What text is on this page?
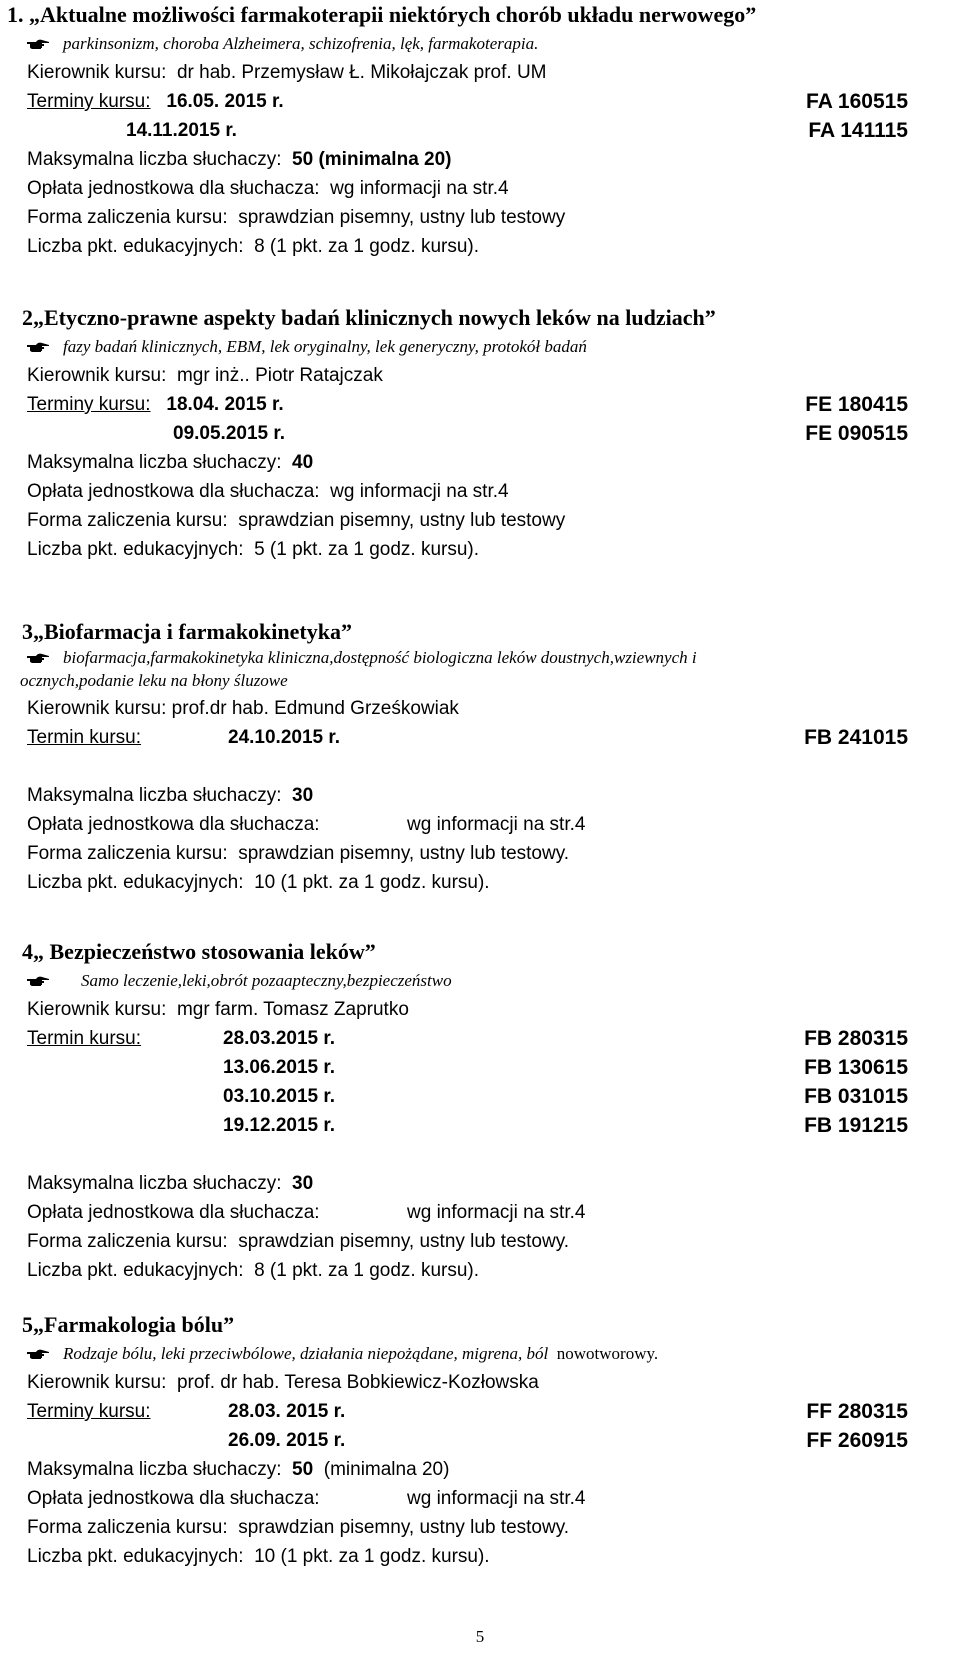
1. „Aktualne możliwości farmakoterapii niektórych chorób układu nerwowego”
parkinsonizm, choroba Alzheimera, schizofrenia, lęk, farmakoterapia.
Kierownik kursu: dr hab. Przemysław Ł. Mikołajczak prof. UM
Terminy kursu: 16.05. 2015 r.	FA 160515
14.11.2015 r.	FA 141115
Maksymalna liczba słuchaczy: 50 (minimalna 20)
Opłata jednostkowa dla słuchacza: wg informacji na str.4
Forma zaliczenia kursu: sprawdzian pisemny, ustny lub testowy
Liczba pkt. edukacyjnych: 8 (1 pkt. za 1 godz. kursu).
2„Etyczno-prawne aspekty badań klinicznych nowych leków na ludziach”
fazy badań klinicznych, EBM, lek oryginalny, lek generyczny, protokół badań
Kierownik kursu: mgr inż.. Piotr Ratajczak
Terminy kursu: 18.04. 2015 r.	FE 180415
09.05.2015 r.	FE 090515
Maksymalna liczba słuchaczy: 40
Opłata jednostkowa dla słuchacza: wg informacji na str.4
Forma zaliczenia kursu: sprawdzian pisemny, ustny lub testowy
Liczba pkt. edukacyjnych: 5 (1 pkt. za 1 godz. kursu).
3„Biofarmacja i farmakokinetyka”
biofarmacja,farmakokinetyka kliniczna,dostępność biologiczna leków doustnych,wziewnych i
ocznych,podanie leku na błony śluzowe
Kierownik kursu: prof.dr hab. Edmund Grześkowiak
Termin kursu:	24.10.2015 r.	FB 241015
Maksymalna liczba słuchaczy: 30
Opłata jednostkowa dla słuchacza:	wg informacji na str.4
Forma zaliczenia kursu: sprawdzian pisemny, ustny lub testowy.
Liczba pkt. edukacyjnych: 10 (1 pkt. za 1 godz. kursu).
4„ Bezpieczeństwo stosowania leków”
Samo leczenie,leki,obrót pozaapteczny,bezpieczeństwo
Kierownik kursu: mgr farm. Tomasz Zaprutko
Termin kursu:	28.03.2015 r.	FB 280315
13.06.2015 r.	FB 130615
03.10.2015 r.	FB 031015
19.12.2015 r.	FB 191215
Maksymalna liczba słuchaczy: 30
Opłata jednostkowa dla słuchacza:	wg informacji na str.4
Forma zaliczenia kursu: sprawdzian pisemny, ustny lub testowy.
Liczba pkt. edukacyjnych: 8 (1 pkt. za 1 godz. kursu).
5„Farmakologia bólu”
Rodzaje bólu, leki przeciwbólowe, działania niepożądane, migrena, ból nowotworowy.
Kierownik kursu: prof. dr hab. Teresa Bobkiewicz-Kozłowska
Terminy kursu:	28.03. 2015 r.	FF 280315
26.09. 2015 r.	FF 260915
Maksymalna liczba słuchaczy: 50 (minimalna 20)
Opłata jednostkowa dla słuchacza:	wg informacji na str.4
Forma zaliczenia kursu: sprawdzian pisemny, ustny lub testowy.
Liczba pkt. edukacyjnych: 10 (1 pkt. za 1 godz. kursu).
5
